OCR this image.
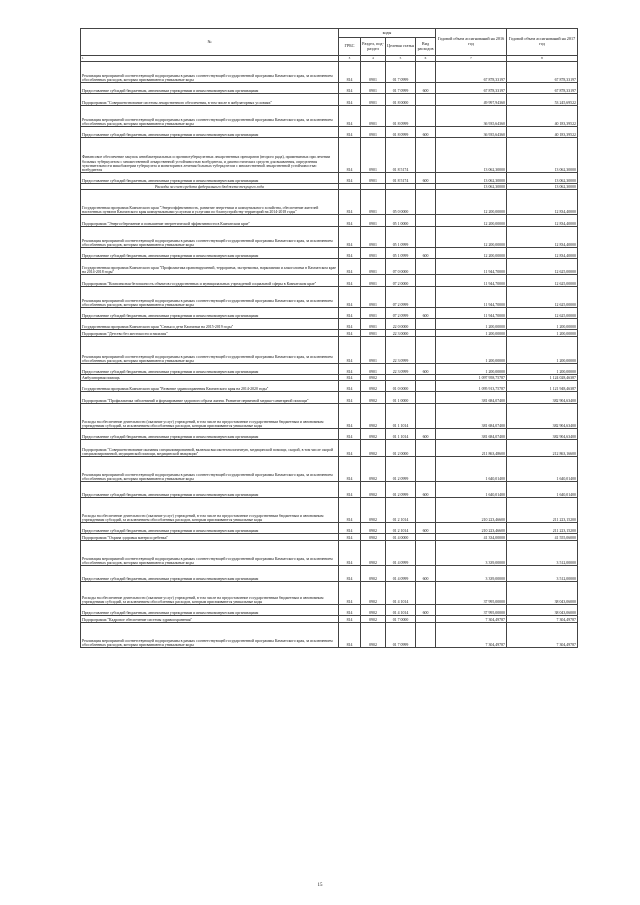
№	коды				Годовой объем ассигнований на 2016 год	Годовой объем ассигнований на 2017 год
	ГРБС	Раздел, под-раздел	Целевая статья	Вид расходов		
1	3	4	5	6	7	8
Реализация мероприятий соответствующей подпрограммы в рамках соответствующей государственной программы Камчатского края, за исключением обособленных расходов, которым присваиваются уникальные коды	814	0901	01 7 0999		67 878,33197	67 878,33197
Предоставление субсидий бюджетным, автономным учреждениям и иным некоммерческим организациям	814	0901	01 7 0999	600	67 878,33197	67 878,33197
Подпрограмма "Совершенствование системы лекарственного обеспечения, в том числе в амбулаторных условиях"	814	0901	01 8 0000		49 997,94360	53 245,69522
Реализация мероприятий соответствующей подпрограммы в рамках соответствующей государственной программы Камчатского края, за исключением обособленных расходов, которым присваиваются уникальные коды	814	0901	01 8 0999		36 935,64360	40 183,39522
Предоставление субсидий бюджетным, автономным учреждениям и иным некоммерческим организациям	814	0901	01 8 0999	600	36 935,64360	40 183,39522
Финансовое обеспечение закупок антибактериальных и противотуберкулезных лекарственных препаратов (второго ряда), применяемых при лечении больных туберкулезом с множественной лекарственной устойчивостью возбудителя, и диагностических средств для выявления, определения чувствительности микобактерии туберкулеза и мониторинга лечения больных туберкулезом с множественной лекарственной устойчивостью возбудителя	814	0901	01 8 5174		13 062,30000	13 062,30000
Предоставление субсидий бюджетным, автономным учреждениям и иным некоммерческим организациям	814	0901	01 8 5174	600	13 062,30000	13 062,30000
Расходы за счет средств федерального бюджета текущего года					13 062,30000	13 062,30000
Государственная программа Камчатского края "Энергоэффективность, развитие энергетики и коммунального хозяйства, обеспечение жителей населенных пунктов Камчатского края коммунальными услугами и услугами по благоустройству территорий на 2014-2018 годы"	814	0901	05 0 0000		12 200,00000	12 834,40000
Подпрограмма "Энергосбережение и повышение энергетической эффективности в Камчатском крае"	814	0901	05 1 0000		12 200,00000	12 834,40000
Реализация мероприятий соответствующей подпрограммы в рамках соответствующей государственной программы Камчатского края, за исключением обособленных расходов, которым присваиваются уникальные коды	814	0901	05 1 0999		12 200,00000	12 834,40000
Предоставление субсидий бюджетным, автономным учреждениям и иным некоммерческим организациям	814	0901	05 1 0999	600	12 200,00000	12 834,40000
Государственная программа Камчатского края "Профилактика правонарушений, терроризма, экстремизма, наркомании и алкоголизма в Камчатском крае на 2014-2018 годы"	814	0901	07 0 0000		11 944,70000	12 625,00000
Подпрограмма "Комплексная безопасность объектов государственных и муниципальных учреждений социальной сферы в Камчатском крае"	814	0901	07 2 0000		11 944,70000	12 625,00000
Реализация мероприятий соответствующей подпрограммы в рамках соответствующей государственной программы Камчатского края, за исключением обособленных расходов, которым присваиваются уникальные коды	814	0901	07 2 0999		11 944,70000	12 625,00000
Предоставление субсидий бюджетным, автономным учреждениям и иным некоммерческим организациям	814	0901	07 2 0999	600	11 944,70000	12 625,00000
Государственная программа Камчатского края "Семья и дети Камчатки на 2015-2019 годы"	814	0901	22 0 0000		1 200,00000	1 200,00000
Подпрограмма "Детство без жестокости и насилия"	814	0901	22 3 0000		1 200,00000	1 200,00000
Реализация мероприятий соответствующей подпрограммы в рамках соответствующей государственной программы Камчатского края, за исключением обособленных расходов, которым присваиваются уникальные коды	814	0901	22 3 0999		1 200,00000	1 200,00000
Предоставление субсидий бюджетным, автономным учреждениям и иным некоммерческим организациям	814	0901	22 3 0999	600	1 200,00000	1 200,00000
Амбулаторная помощь	814	0902			1 097 958,75787	1 124 028,46387
Государственная программа Камчатского края "Развитие здравоохранения Камчатского края на 2014-2020 годы"	814	0902	01 0 0000		1 095 913,75787	1 121 948,46387
Подпрограмма "Профилактика заболеваний и формирование здорового образа жизни. Развитие первичной медико-санитарной помощи"	814	0902	01 1 0000		381 684,07400	382 904,63400
Расходы на обеспечение деятельности (оказание услуг) учреждений, в том числе на предоставление государственным бюджетным и автономным учреждениям субсидий, за исключением обособленных расходов, которым присваиваются уникальные коды	814	0902	01 1 1014		381 684,07400	382 904,63400
Предоставление субсидий бюджетным, автономным учреждениям и иным некоммерческим организациям	814	0902	01 1 1014	600	381 684,07400	382 904,63400
Подпрограмма "Совершенствование оказания специализированной, включая высокотехнологичную, медицинской помощи, скорой, в том числе скорой специализированной, медицинской помощи, медицинской эвакуации"	814	0902	01 2 0000		211 863,48600	212 863,16600
Реализация мероприятий соответствующей подпрограммы в рамках соответствующей государственной программы Камчатского края, за исключением обособленных расходов, которым присваиваются уникальные коды	814	0902	01 2 0999		1 640,01400	1 640,01400
Предоставление субсидий бюджетным, автономным учреждениям и иным некоммерческим организациям	814	0902	01 2 0999	600	1 640,01400	1 640,01400
Расходы на обеспечение деятельности (оказание услуг) учреждений, в том числе на предоставление государственным бюджетным и автономным учреждениям субсидий, за исключением обособленных расходов, которым присваиваются уникальные коды	814	0902	01 2 1014		210 223,46600	211 223,15200
Предоставление субсидий бюджетным, автономным учреждениям и иным некоммерческим организациям	814	0902	01 2 1014	600	210 223,46600	211 223,15200
Подпрограмма "Охрана здоровья матери и ребенка"	814	0902	01 4 0000		41 334,00000	41 555,06000
Реализация мероприятий соответствующей подпрограммы в рамках соответствующей государственной программы Камчатского края, за исключением обособленных расходов, которым присваиваются уникальные коды	814	0902	01 4 0999		3 339,00000	3 512,00000
Предоставление субсидий бюджетным, автономным учреждениям и иным некоммерческим организациям	814	0902	01 4 0999	600	3 339,00000	3 512,00000
Расходы на обеспечение деятельности (оказание услуг) учреждений, в том числе на предоставление государственным бюджетным и автономным учреждениям субсидий, за исключением обособленных расходов, которым присваиваются уникальные коды	814	0902	01 4 1014		37 995,00000	38 043,06000
Предоставление субсидий бюджетным, автономным учреждениям и иным некоммерческим организациям	814	0902	01 4 1014	600	37 995,00000	38 043,06000
Подпрограмма "Кадровое обеспечение системы здравоохранения"	814	0902	01 7 0000		7 304,49787	7 304,49787
Реализация мероприятий соответствующей подпрограммы в рамках соответствующей государственной программы Камчатского края, за исключением обособленных расходов, которым присваиваются уникальные коды	814	0902	01 7 0999		7 304,49787	7 304,49787
15
